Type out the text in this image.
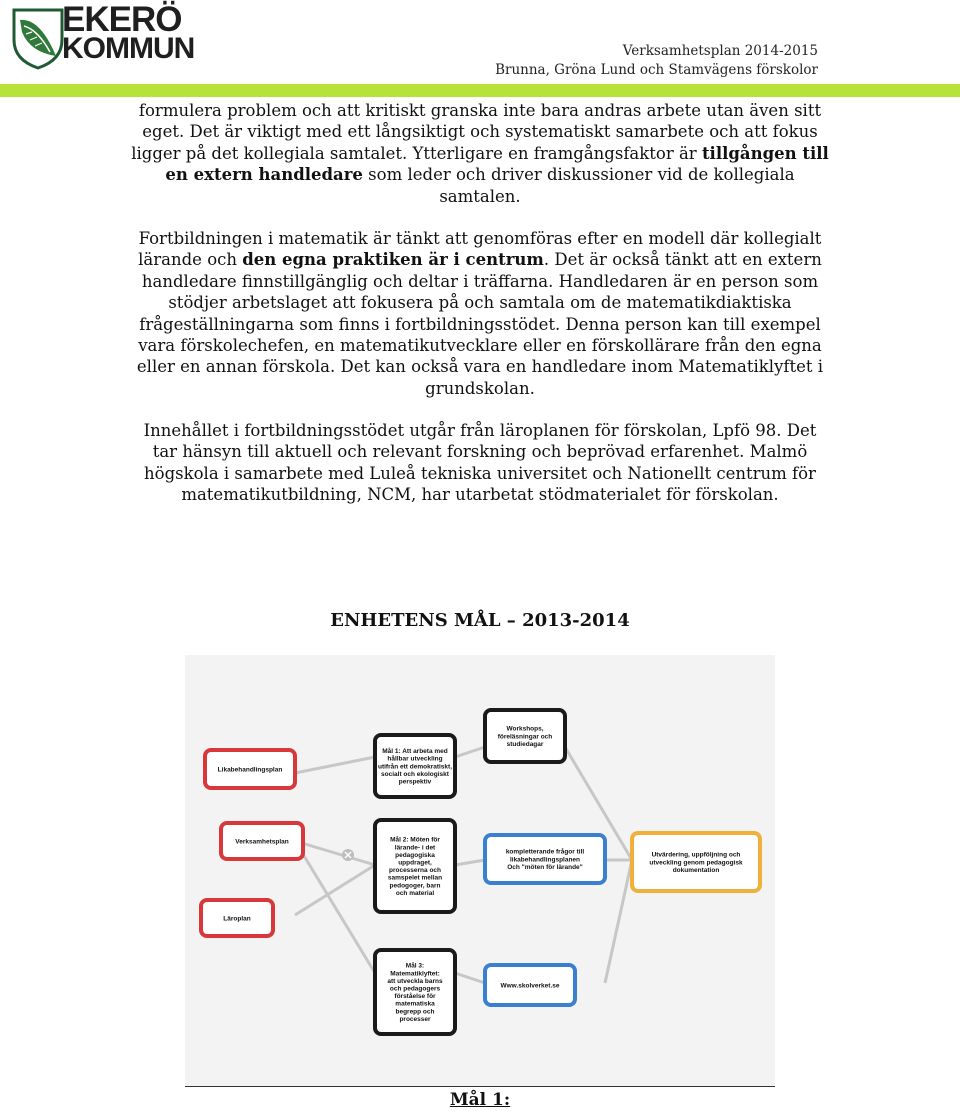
EKERÖ
KOMMUN	Verksamhetsplan 2014-2015
Brunna, Gröna Lund och Stamvägens förskolor
formulera problem och att kritiskt granska inte bara andras arbete utan även sitt eget. Det är viktigt med ett långsiktigt och systematiskt samarbete och att fokus ligger på det kollegiala samtalet. Ytterligare en framgångsfaktor är tillgången till en extern handledare som leder och driver diskussioner vid de kollegiala samtalen.
Fortbildningen i matematik är tänkt att genomföras efter en modell där kollegialt lärande och den egna praktiken är i centrum. Det är också tänkt att en extern handledare finnstillgänglig och deltar i träffarna. Handledaren är en person som stödjer arbetslaget att fokusera på och samtala om de matematikdiaktiska frågeställningarna som finns i fortbildningsstödet. Denna person kan till exempel vara förskolechefen, en matematikutvecklare eller en förskollärare från den egna eller en annan förskola. Det kan också vara en handledare inom Matematiklyftet i grundskolan.
Innehållet i fortbildningsstödet utgår från läroplanen för förskolan, Lpfö 98. Det tar hänsyn till aktuell och relevant forskning och beprövad erfarenhet. Malmö högskola i samarbete med Luleå tekniska universitet och Nationellt centrum för matematikutbildning, NCM, har utarbetat stödmaterialet för förskolan.
ENHETENS MÅL – 2013-2014
Likabehandlingsplan
Verksamhetsplan
Läroplan
Mål 1: Att arbeta med
hållbar utveckling
utifrån ett demokratiskt,
socialt och ekologiskt
perspektiv
Mål 2: Möten för
lärande- i det
pedagogiska
uppdraget,
processerna och
samspelet mellan
pedogoger, barn
och material
Mål 3:
Matematiklyftet:
att utveckla barns
och pedagogers
förståelse för
matematiska
begrepp och
processer
Workshops,
föreläsningar och
studiedagar
kompletterande frågor till
likabehandlingsplanen
Och "möten för lärande"
Www.skolverket.se
Utvärdering, uppföljning och
utveckling genom pedagogisk
dokumentation
Mål 1:
